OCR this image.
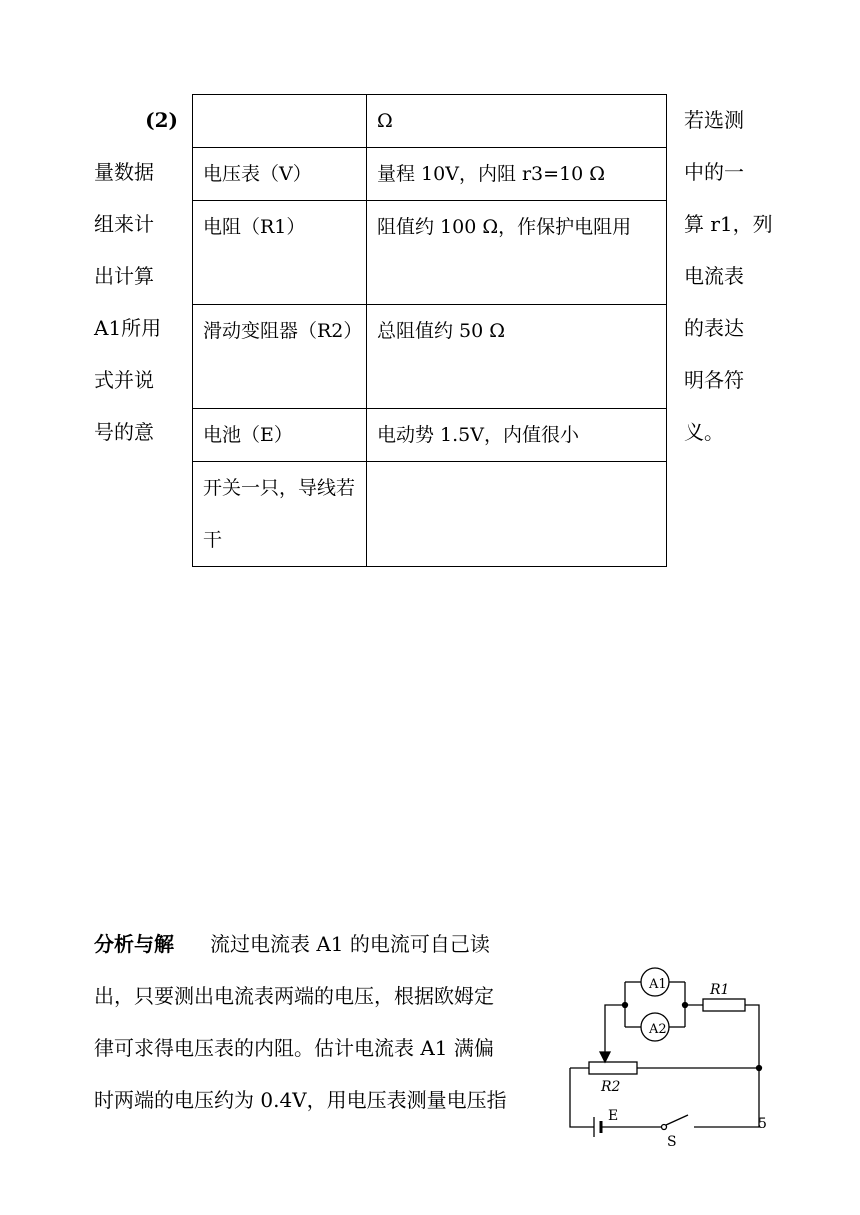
(2)
量数据
组来计
出计算
A1所用
式并说
号的意

	Ω

电压表（V）	量程 10V，内阻 r3=10 Ω

电阻（R1）	阻值约 100 Ω，作保护电阻用

滑动变阻器（R2）	总阻值约 50 Ω

电池（E）	电动势 1.5V，内值很小

开关一只，导线若干	

若选测
中的一
算 r1，列
电流表
的表达
明各符
义。
分析与解 流过电流表 A1 的电流可自己读
出，只要测出电流表两端的电压，根据欧姆定
律可求得电压表的内阻。估计电流表 A1 满偏
时两端的电压约为 0.4V，用电压表测量电压指
A1
A2
R1
R2
E
S
5
